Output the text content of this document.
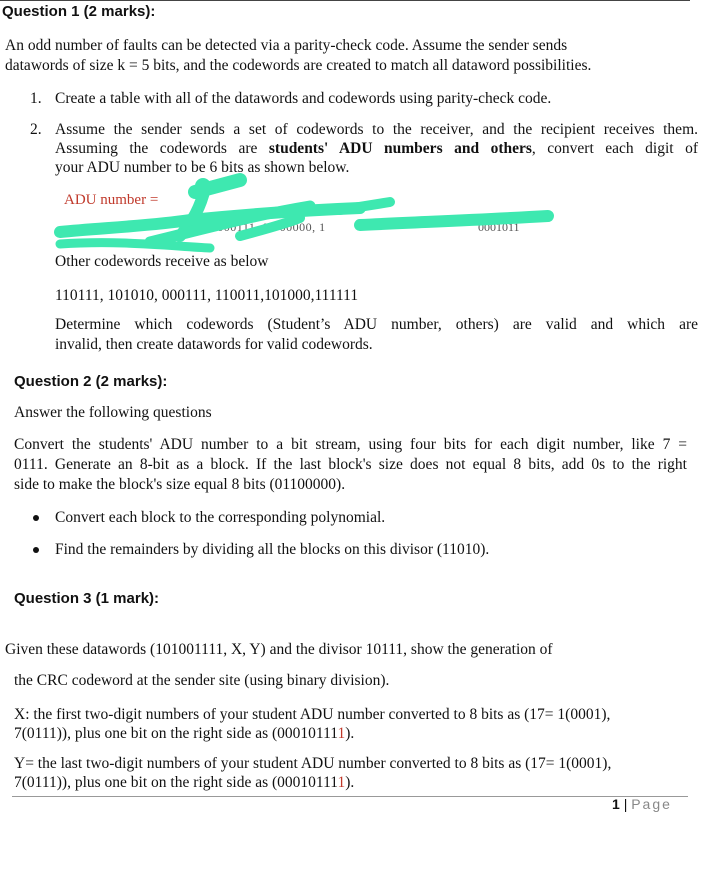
Question 1 (2 marks):
An odd number of faults can be detected via a parity-check code. Assume the sender sends
datawords of size k = 5 bits, and the codewords are created to match all dataword possibilities.
1. Create a table with all of the datawords and codewords using parity-check code.
2. Assume the sender sends a set of codewords to the receiver, and the recipient receives them.
Assuming the codewords are students' ADU numbers and others, convert each digit of
your ADU number to be 6 bits as shown below.
ADU number =
00, 7 =000111, 0 =00000, 1	0001011
Other codewords receive as below
110111, 101010, 000111, 110011,101000,111111
Determine which codewords (Student’s ADU number, others) are valid and which are
invalid, then create datawords for valid codewords.
Question 2 (2 marks):
Answer the following questions
Convert the students' ADU number to a bit stream, using four bits for each digit number, like 7 =
0111. Generate an 8-bit as a block. If the last block's size does not equal 8 bits, add 0s to the right
side to make the block's size equal 8 bits (01100000).
Convert each block to the corresponding polynomial.
Find the remainders by dividing all the blocks on this divisor (11010).
Question 3 (1 mark):
Given these datawords (101001111, X, Y) and the divisor 10111, show the generation of
the CRC codeword at the sender site (using binary division).
X: the first two-digit numbers of your student ADU number converted to 8 bits as (17= 1(0001),
7(0111)), plus one bit on the right side as (000101111).
Y= the last two-digit numbers of your student ADU number converted to 8 bits as (17= 1(0001),
7(0111)), plus one bit on the right side as (000101111).
1 | Page
